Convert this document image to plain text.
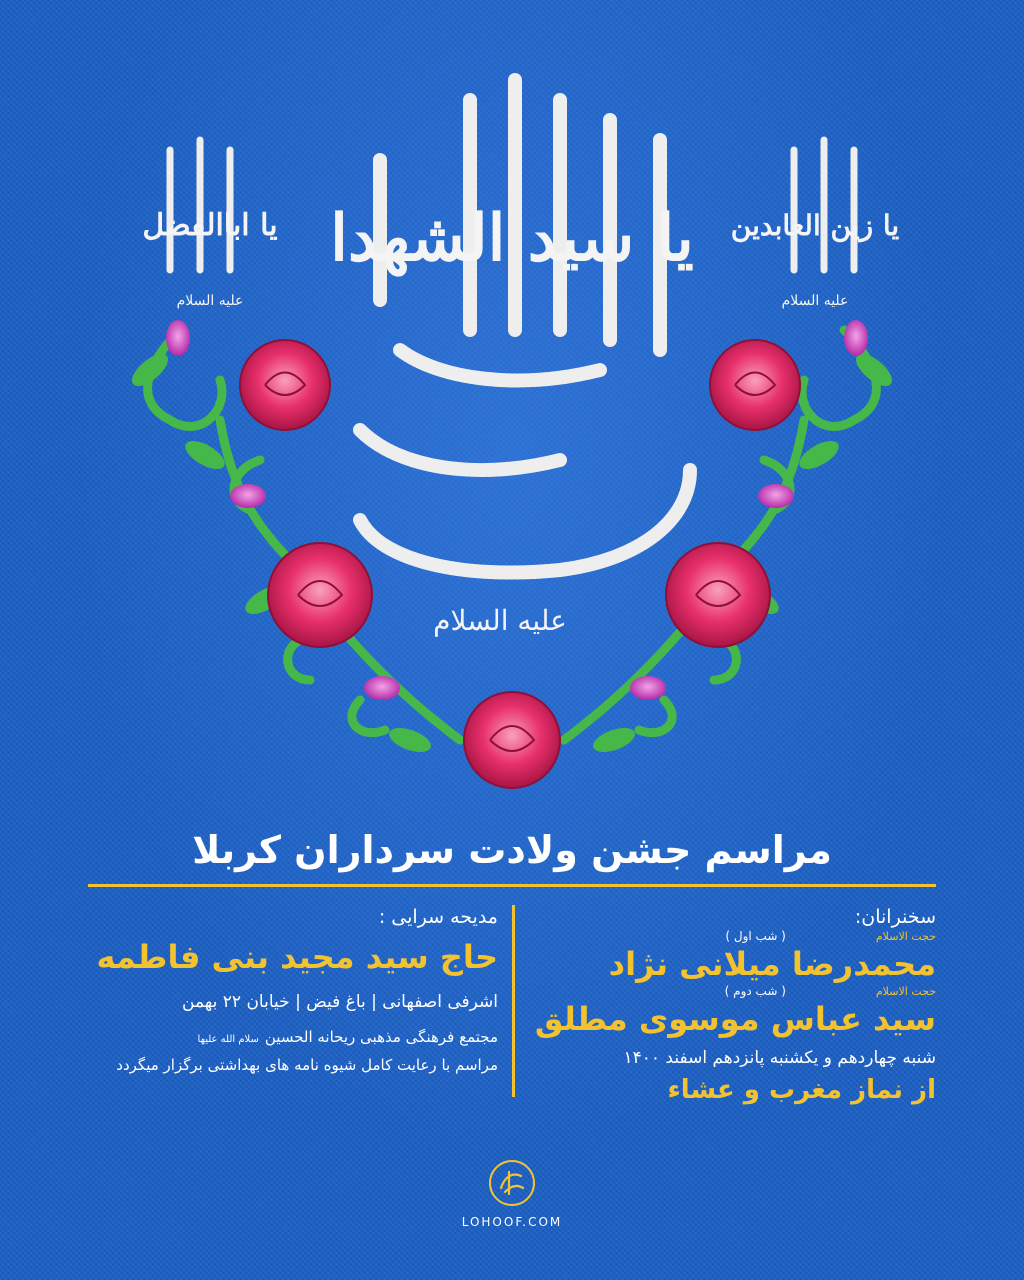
یا سید الشهدا
علیه السلام
یا اباالفضل
علیه السلام
یا زین العابدین
علیه السلام
مراسم جشن ولادت سرداران کربلا
سخنرانان:
حجت الاسلام
( شب اول )
محمدرضا میلانی نژاد
حجت الاسلام
( شب دوم )
سید عباس موسوی مطلق
شنبه چهاردهم و یکشنبه پانزدهم اسفند ۱۴۰۰
از نماز مغرب و عشاء
مدیحه سرایی :
حاج سید مجید بنی فاطمه
اشرفی اصفهانی | باغ فیض | خیابان ۲۲ بهمن
مجتمع فرهنگی مذهبی ریحانه الحسین
سلام الله علیها
مراسم با رعایت کامل شیوه نامه های بهداشتی برگزار میگردد
LOHOOF.COM
